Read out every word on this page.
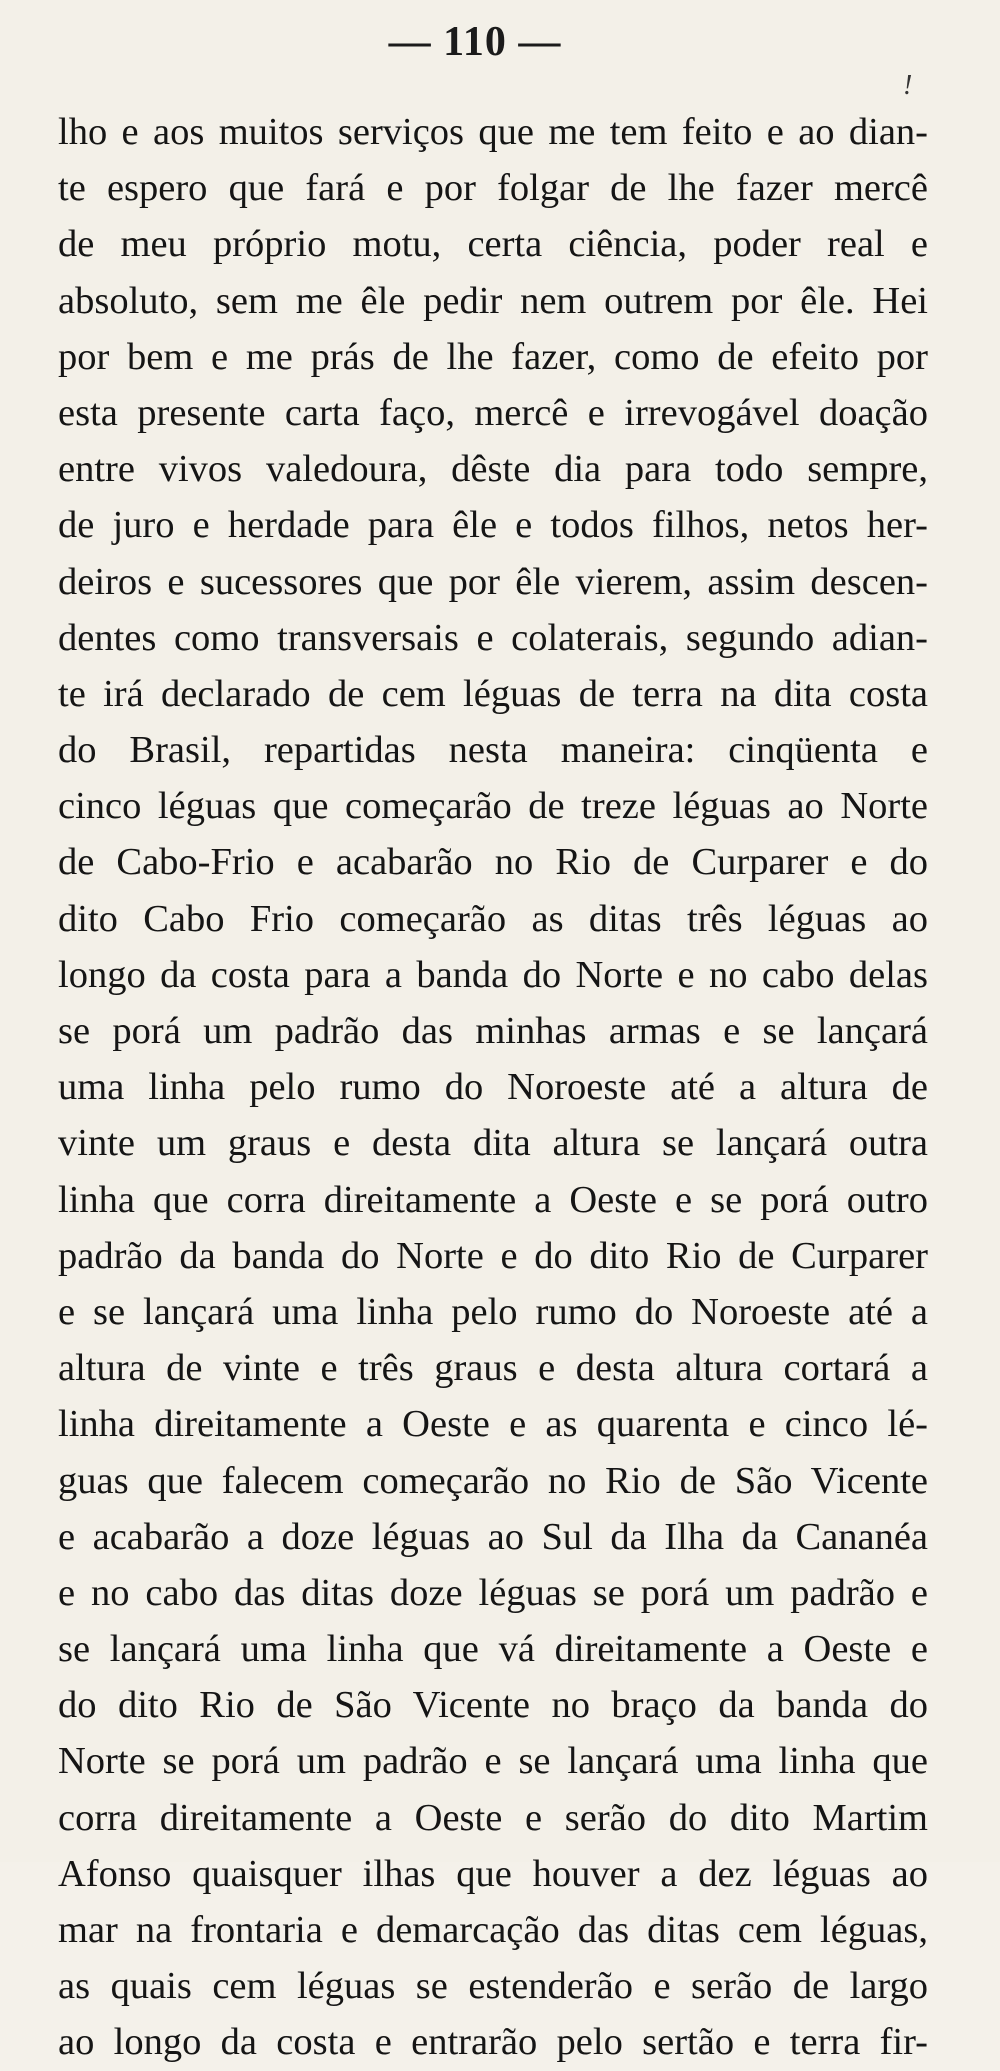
— 110 —
!
lho e aos muitos serviços que me tem feito e ao dian-
te espero que fará e por folgar de lhe fazer mercê
de meu próprio motu, certa ciência, poder real e
absoluto, sem me êle pedir nem outrem por êle. Hei
por bem e me prás de lhe fazer, como de efeito por
esta presente carta faço, mercê e irrevogável doação
entre vivos valedoura, dêste dia para todo sempre,
de juro e herdade para êle e todos filhos, netos her-
deiros e sucessores que por êle vierem, assim descen-
dentes como transversais e colaterais, segundo adian-
te irá declarado de cem léguas de terra na dita costa
do Brasil, repartidas nesta maneira: cinqüenta e
cinco léguas que começarão de treze léguas ao Norte
de Cabo-Frio e acabarão no Rio de Curparer e do
dito Cabo Frio começarão as ditas três léguas ao
longo da costa para a banda do Norte e no cabo delas
se porá um padrão das minhas armas e se lançará
uma linha pelo rumo do Noroeste até a altura de
vinte um graus e desta dita altura se lançará outra
linha que corra direitamente a Oeste e se porá outro
padrão da banda do Norte e do dito Rio de Curparer
e se lançará uma linha pelo rumo do Noroeste até a
altura de vinte e três graus e desta altura cortará a
linha direitamente a Oeste e as quarenta e cinco lé-
guas que falecem começarão no Rio de São Vicente
e acabarão a doze léguas ao Sul da Ilha da Cananéa
e no cabo das ditas doze léguas se porá um padrão e
se lançará uma linha que vá direitamente a Oeste e
do dito Rio de São Vicente no braço da banda do
Norte se porá um padrão e se lançará uma linha que
corra direitamente a Oeste e serão do dito Martim
Afonso quaisquer ilhas que houver a dez léguas ao
mar na frontaria e demarcação das ditas cem léguas,
as quais cem léguas se estenderão e serão de largo
ao longo da costa e entrarão pelo sertão e terra fir-
